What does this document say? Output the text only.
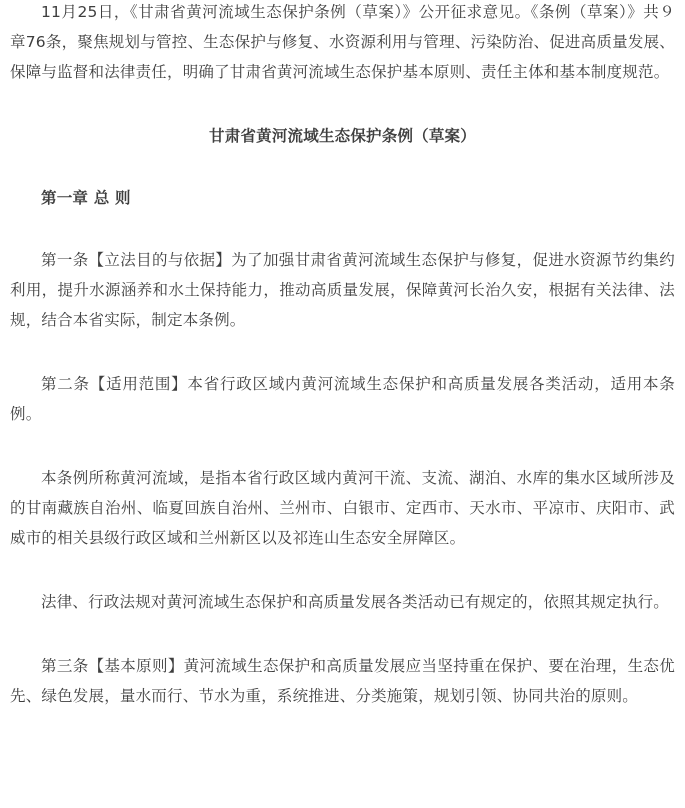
11月25日，《甘肃省黄河流域生态保护条例（草案）》公开征求意见。《条例（草案）》共９章76条，聚焦规划与管控、生态保护与修复、水资源利用与管理、污染防治、促进高质量发展、保障与监督和法律责任，明确了甘肃省黄河流域生态保护基本原则、责任主体和基本制度规范。

甘肃省黄河流域生态保护条例（草案）

第一章 总 则

第一条【立法目的与依据】为了加强甘肃省黄河流域生态保护与修复，促进水资源节约集约利用，提升水源涵养和水土保持能力，推动高质量发展，保障黄河长治久安，根据有关法律、法规，结合本省实际，制定本条例。

第二条【适用范围】本省行政区域内黄河流域生态保护和高质量发展各类活动，适用本条例。

本条例所称黄河流域，是指本省行政区域内黄河干流、支流、湖泊、水库的集水区域所涉及的甘南藏族自治州、临夏回族自治州、兰州市、白银市、定西市、天水市、平凉市、庆阳市、武威市的相关县级行政区域和兰州新区以及祁连山生态安全屏障区。

法律、行政法规对黄河流域生态保护和高质量发展各类活动已有规定的，依照其规定执行。

第三条【基本原则】黄河流域生态保护和高质量发展应当坚持重在保护、要在治理，生态优先、绿色发展，量水而行、节水为重，系统推进、分类施策，规划引领、协同共治的原则。
